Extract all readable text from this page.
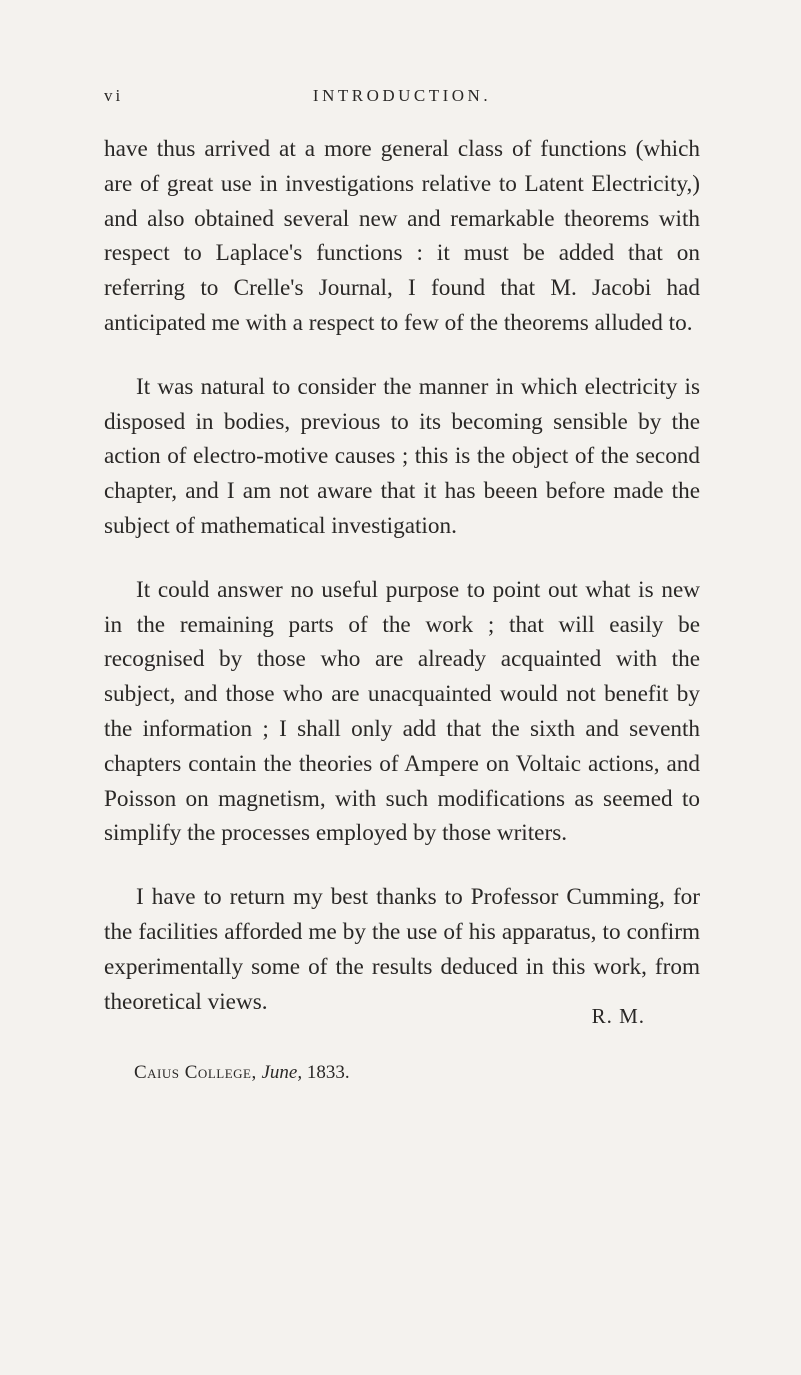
vi	INTRODUCTION.

have thus arrived at a more general class of functions (which are of great use in investigations relative to Latent Electricity,) and also obtained several new and remarkable theorems with respect to Laplace's functions : it must be added that on referring to Crelle's Journal, I found that M. Jacobi had anticipated me with a respect to few of the theorems alluded to.

It was natural to consider the manner in which electricity is disposed in bodies, previous to its becoming sensible by the action of electro-motive causes ; this is the object of the second chapter, and I am not aware that it has beeen before made the subject of mathematical investigation.

It could answer no useful purpose to point out what is new in the remaining parts of the work ; that will easily be recognised by those who are already acquainted with the subject, and those who are unacquainted would not benefit by the information ; I shall only add that the sixth and seventh chapters contain the theories of Ampere on Voltaic actions, and Poisson on magnetism, with such modifications as seemed to simplify the processes employed by those writers.

I have to return my best thanks to Professor Cumming, for the facilities afforded me by the use of his apparatus, to confirm experimentally some of the results deduced in this work, from theoretical views.

R. M.
Caius College, June, 1833.
